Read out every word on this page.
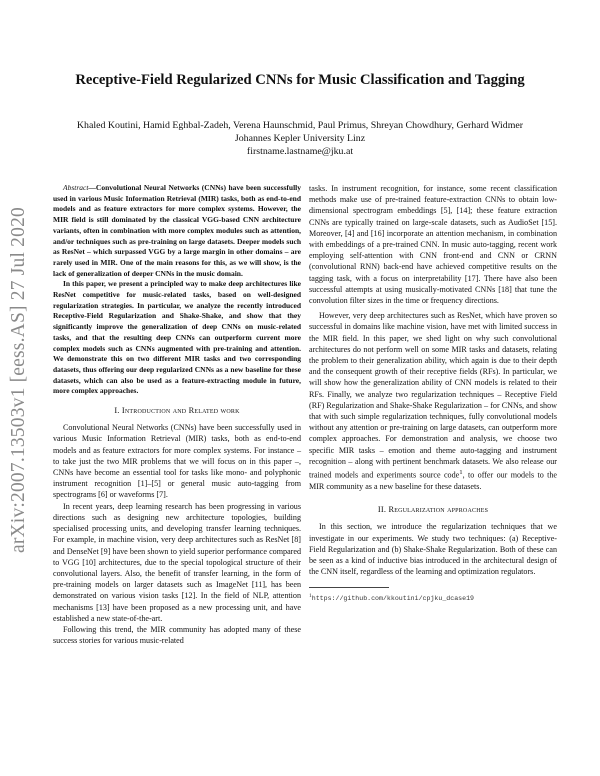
arXiv:2007.13503v1 [eess.AS] 27 Jul 2020
Receptive-Field Regularized CNNs for Music Classification and Tagging
Khaled Koutini, Hamid Eghbal-Zadeh, Verena Haunschmid, Paul Primus, Shreyan Chowdhury, Gerhard Widmer
Johannes Kepler University Linz
firstname.lastname@jku.at

Abstract—Convolutional Neural Networks (CNNs) have been successfully used in various Music Information Retrieval (MIR) tasks, both as end-to-end models and as feature extractors for more complex systems. However, the MIR field is still dominated by the classical VGG-based CNN architecture variants, often in combination with more complex modules such as attention, and/or techniques such as pre-training on large datasets. Deeper models such as ResNet – which surpassed VGG by a large margin in other domains – are rarely used in MIR. One of the main reasons for this, as we will show, is the lack of generalization of deeper CNNs in the music domain.

In this paper, we present a principled way to make deep architectures like ResNet competitive for music-related tasks, based on well-designed regularization strategies. In particular, we analyze the recently introduced Receptive-Field Regularization and Shake-Shake, and show that they significantly improve the generalization of deep CNNs on music-related tasks, and that the resulting deep CNNs can outperform current more complex models such as CNNs augmented with pre-training and attention. We demonstrate this on two different MIR tasks and two corresponding datasets, thus offering our deep regularized CNNs as a new baseline for these datasets, which can also be used as a feature-extracting module in future, more complex approaches.

I. Introduction and Related work

Convolutional Neural Networks (CNNs) have been successfully used in various Music Information Retrieval (MIR) tasks, both as end-to-end models and as feature extractors for more complex systems. For instance – to take just the two MIR problems that we will focus on in this paper –, CNNs have become an essential tool for tasks like mono- and polyphonic instrument recognition [1]–[5] or general music auto-tagging from spectrograms [6] or waveforms [7].

In recent years, deep learning research has been progressing in various directions such as designing new architecture topologies, building specialised processing units, and developing transfer learning techniques. For example, in machine vision, very deep architectures such as ResNet [8] and DenseNet [9] have been shown to yield superior performance compared to VGG [10] architectures, due to the special topological structure of their convolutional layers. Also, the benefit of transfer learning, in the form of pre-training models on larger datasets such as ImageNet [11], has been demonstrated on various vision tasks [12]. In the field of NLP, attention mechanisms [13] have been proposed as a new processing unit, and have established a new state-of-the-art.

Following this trend, the MIR community has adopted many of these success stories for various music-related

tasks. In instrument recognition, for instance, some recent classification methods make use of pre-trained feature-extraction CNNs to obtain low-dimensional spectrogram embeddings [5], [14]; these feature extraction CNNs are typically trained on large-scale datasets, such as AudioSet [15]. Moreover, [4] and [16] incorporate an attention mechanism, in combination with embeddings of a pre-trained CNN. In music auto-tagging, recent work employing self-attention with CNN front-end and CNN or CRNN (convolutional RNN) back-end have achieved competitive results on the tagging task, with a focus on interpretability [17]. There have also been successful attempts at using musically-motivated CNNs [18] that tune the convolution filter sizes in the time or frequency directions.

However, very deep architectures such as ResNet, which have proven so successful in domains like machine vision, have met with limited success in the MIR field. In this paper, we shed light on why such convolutional architectures do not perform well on some MIR tasks and datasets, relating the problem to their generalization ability, which again is due to their depth and the consequent growth of their receptive fields (RFs). In particular, we will show how the generalization ability of CNN models is related to their RFs. Finally, we analyze two regularization techniques – Receptive Field (RF) Regularization and Shake-Shake Regularization – for CNNs, and show that with such simple regularization techniques, fully convolutional models without any attention or pre-training on large datasets, can outperform more complex approaches. For demonstration and analysis, we choose two specific MIR tasks – emotion and theme auto-tagging and instrument recognition – along with pertinent benchmark datasets. We also release our trained models and experiments source code$^1$, to offer our models to the MIR community as a new baseline for these datasets.

II. Regularization approaches

In this section, we introduce the regularization techniques that we investigate in our experiments. We study two techniques: (a) Receptive-Field Regularization and (b) Shake-Shake Regularization. Both of these can be seen as a kind of inductive bias introduced in the architectural design of the CNN itself, regardless of the learning and optimization regulators.

$^1$https://github.com/kkoutini/cpjku_dcase19
